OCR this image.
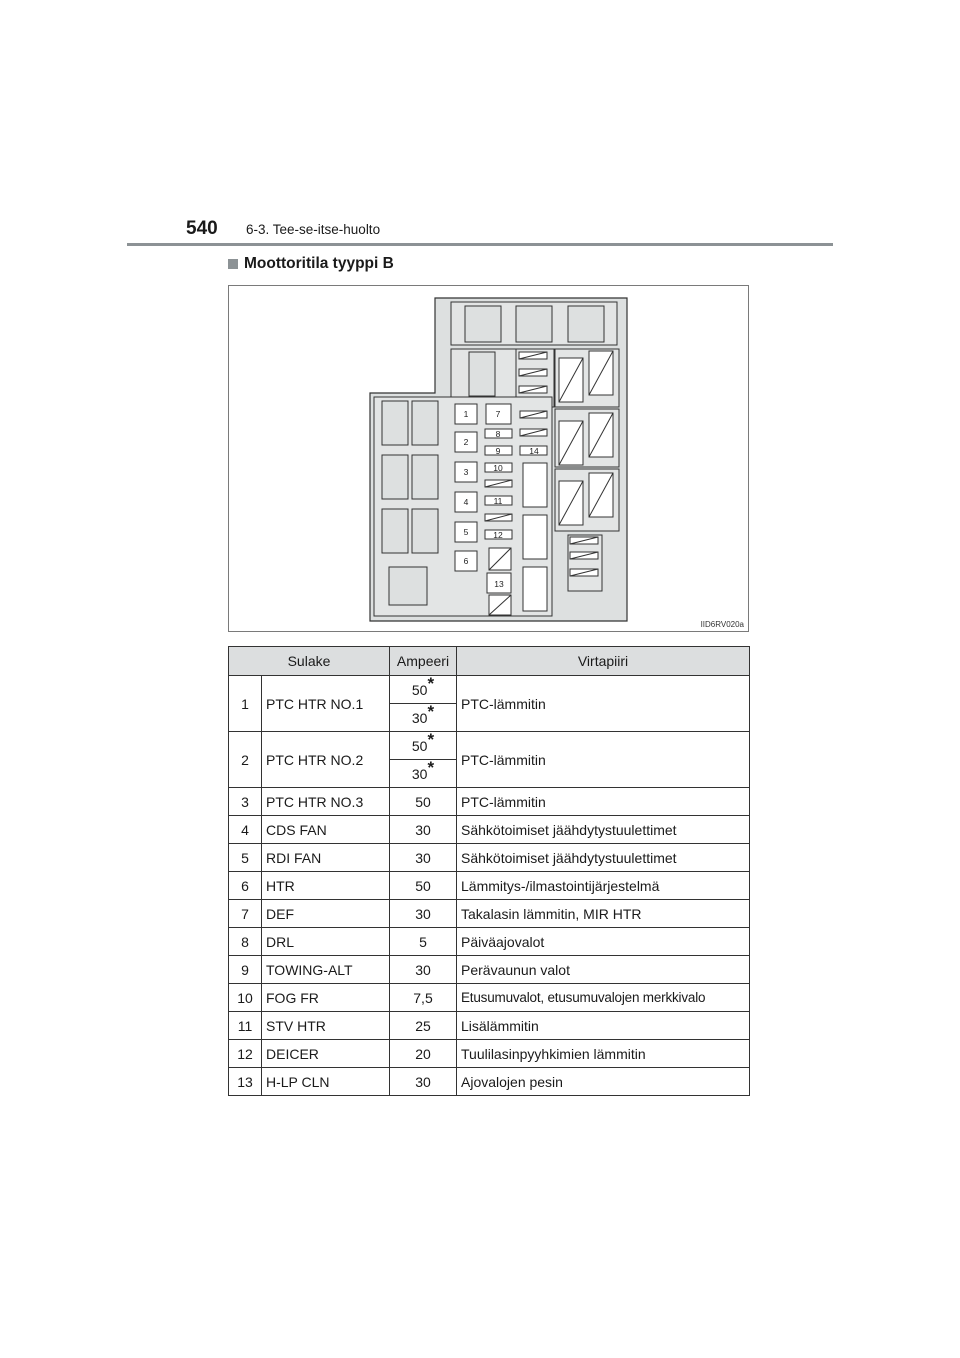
540 6-3. Tee-se-itse-huolto
Moottoritila tyyppi B
1
2
3
4
5
6
7
8
9
10
11
12
14
13
IID6RV020a
Sulake		Ampeeri	Virtapiiri
1	PTC HTR NO.1	50*	PTC-lämmitin
		30*
2	PTC HTR NO.2	50*	PTC-lämmitin
		30*
3	PTC HTR NO.3	50	PTC-lämmitin
4	CDS FAN	30	Sähkötoimiset jäähdytystuulettimet
5	RDI FAN	30	Sähkötoimiset jäähdytystuulettimet
6	HTR	50	Lämmitys-/ilmastointijärjestelmä
7	DEF	30	Takalasin lämmitin, MIR HTR
8	DRL	5	Päiväajovalot
9	TOWING-ALT	30	Perävaunun valot
10	FOG FR	7,5	Etusumuvalot, etusumuvalojen merkkivalo
11	STV HTR	25	Lisälämmitin
12	DEICER	20	Tuulilasinpyyhkimien lämmitin
13	H-LP CLN	30	Ajovalojen pesin
